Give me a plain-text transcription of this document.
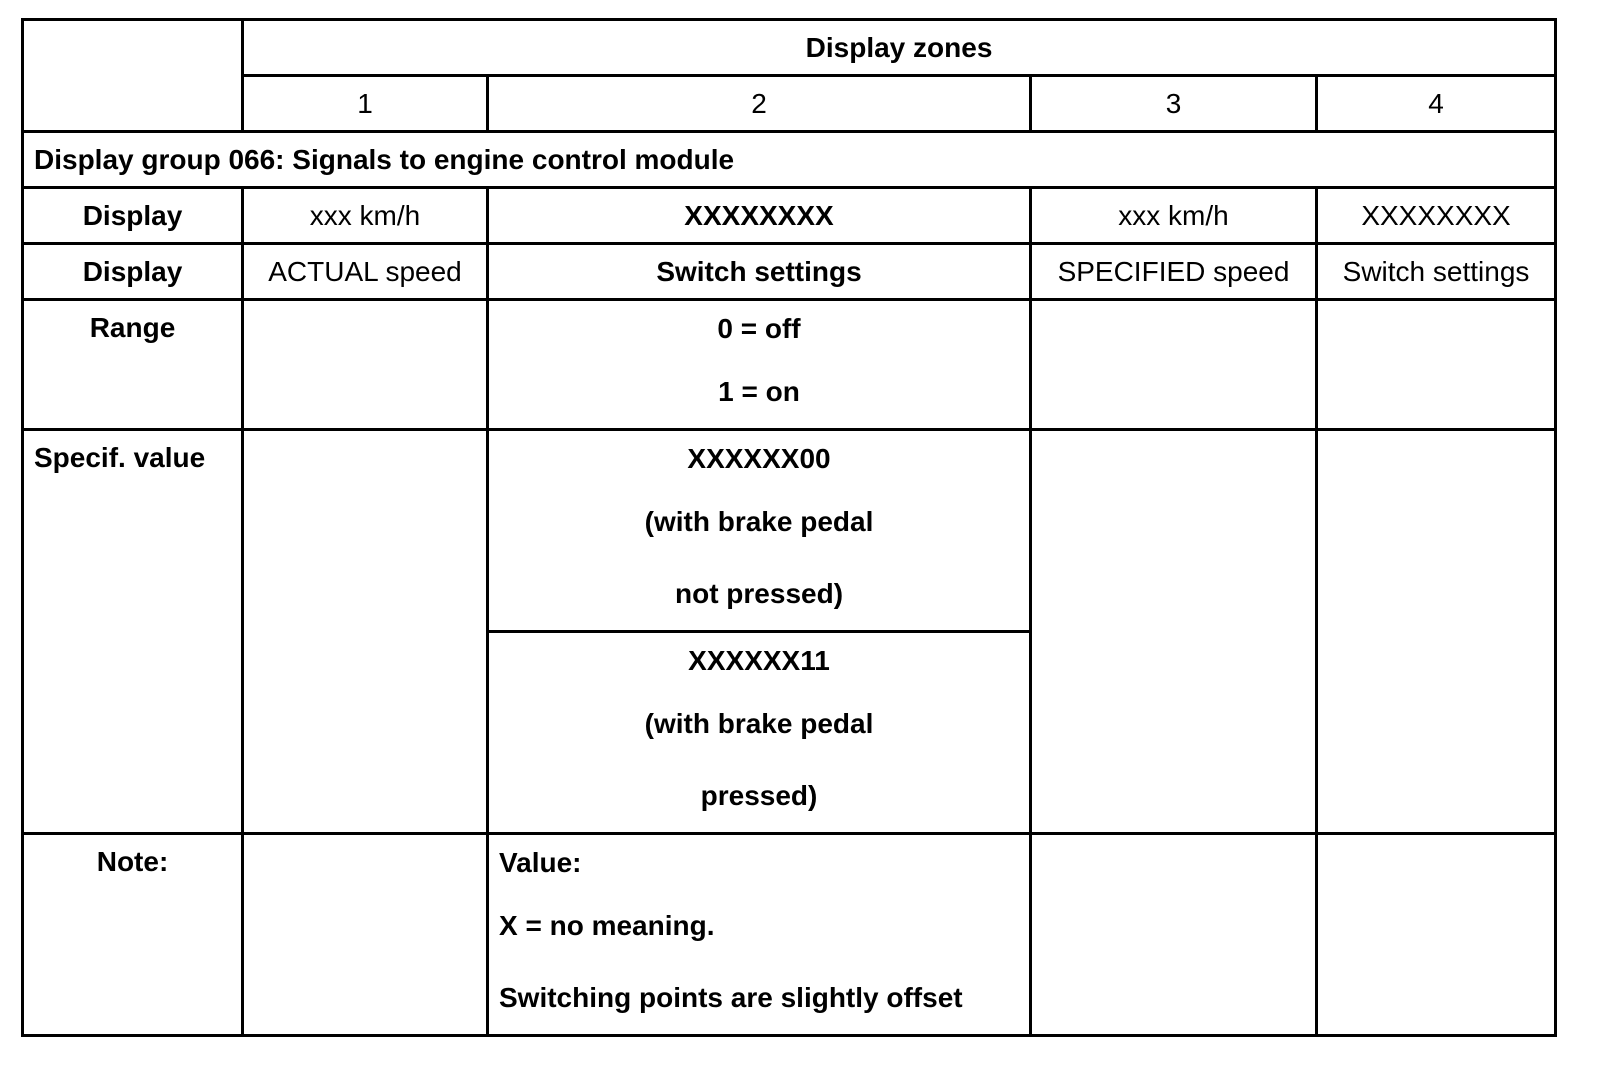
	Display zones			
	1	2	3	4
Display group 066: Signals to engine control module				
Display	xxx km/h	XXXXXXXX	xxx km/h	XXXXXXXX
Display	ACTUAL speed	Switch settings	SPECIFIED speed	Switch settings
Range		0 = off
1 = on		

Specif. value		XXXXXX00
(with brake pedal
not pressed)		

		XXXXXX11
(with brake pedal
pressed)		

Note:		Value:
X = no meaning.
Switching points are slightly offset		
